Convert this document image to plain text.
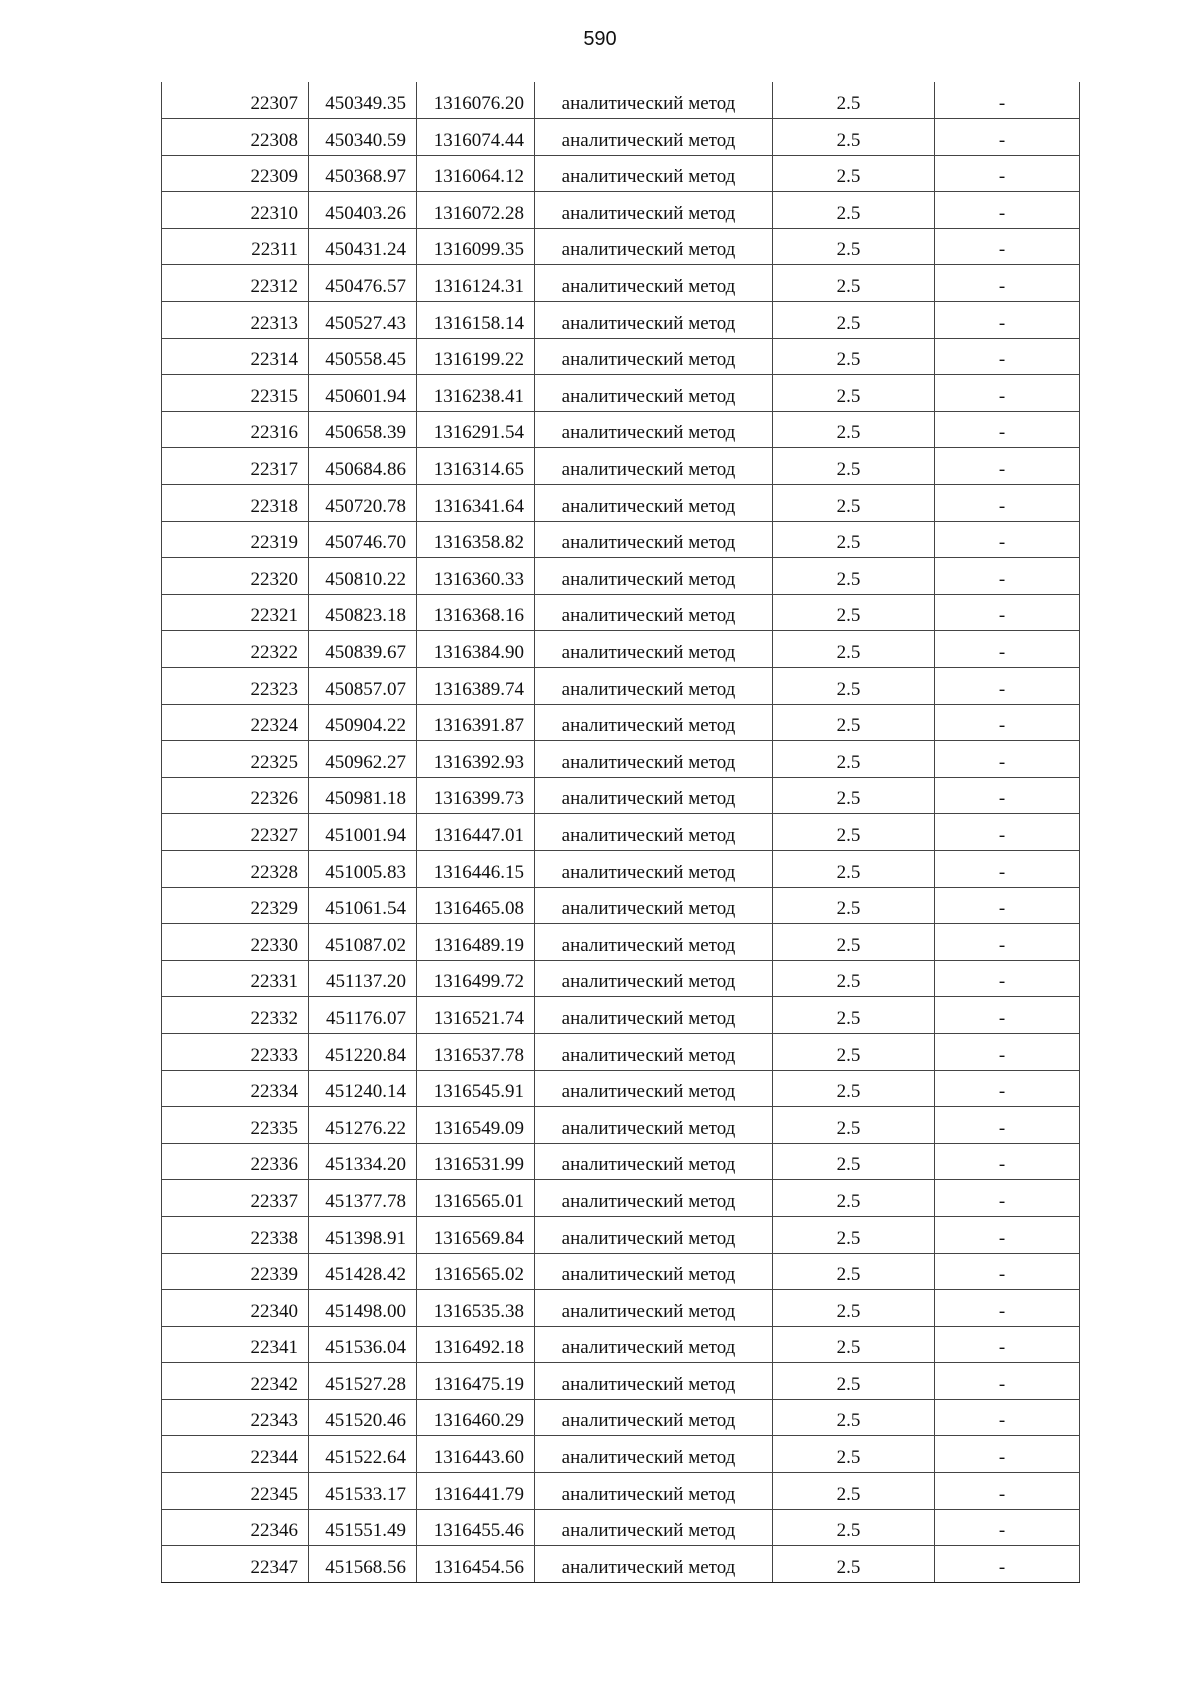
590
22307	450349.35	1316076.20	аналитический метод	2.5	-
22308	450340.59	1316074.44	аналитический метод	2.5	-
22309	450368.97	1316064.12	аналитический метод	2.5	-
22310	450403.26	1316072.28	аналитический метод	2.5	-
22311	450431.24	1316099.35	аналитический метод	2.5	-
22312	450476.57	1316124.31	аналитический метод	2.5	-
22313	450527.43	1316158.14	аналитический метод	2.5	-
22314	450558.45	1316199.22	аналитический метод	2.5	-
22315	450601.94	1316238.41	аналитический метод	2.5	-
22316	450658.39	1316291.54	аналитический метод	2.5	-
22317	450684.86	1316314.65	аналитический метод	2.5	-
22318	450720.78	1316341.64	аналитический метод	2.5	-
22319	450746.70	1316358.82	аналитический метод	2.5	-
22320	450810.22	1316360.33	аналитический метод	2.5	-
22321	450823.18	1316368.16	аналитический метод	2.5	-
22322	450839.67	1316384.90	аналитический метод	2.5	-
22323	450857.07	1316389.74	аналитический метод	2.5	-
22324	450904.22	1316391.87	аналитический метод	2.5	-
22325	450962.27	1316392.93	аналитический метод	2.5	-
22326	450981.18	1316399.73	аналитический метод	2.5	-
22327	451001.94	1316447.01	аналитический метод	2.5	-
22328	451005.83	1316446.15	аналитический метод	2.5	-
22329	451061.54	1316465.08	аналитический метод	2.5	-
22330	451087.02	1316489.19	аналитический метод	2.5	-
22331	451137.20	1316499.72	аналитический метод	2.5	-
22332	451176.07	1316521.74	аналитический метод	2.5	-
22333	451220.84	1316537.78	аналитический метод	2.5	-
22334	451240.14	1316545.91	аналитический метод	2.5	-
22335	451276.22	1316549.09	аналитический метод	2.5	-
22336	451334.20	1316531.99	аналитический метод	2.5	-
22337	451377.78	1316565.01	аналитический метод	2.5	-
22338	451398.91	1316569.84	аналитический метод	2.5	-
22339	451428.42	1316565.02	аналитический метод	2.5	-
22340	451498.00	1316535.38	аналитический метод	2.5	-
22341	451536.04	1316492.18	аналитический метод	2.5	-
22342	451527.28	1316475.19	аналитический метод	2.5	-
22343	451520.46	1316460.29	аналитический метод	2.5	-
22344	451522.64	1316443.60	аналитический метод	2.5	-
22345	451533.17	1316441.79	аналитический метод	2.5	-
22346	451551.49	1316455.46	аналитический метод	2.5	-
22347	451568.56	1316454.56	аналитический метод	2.5	-
